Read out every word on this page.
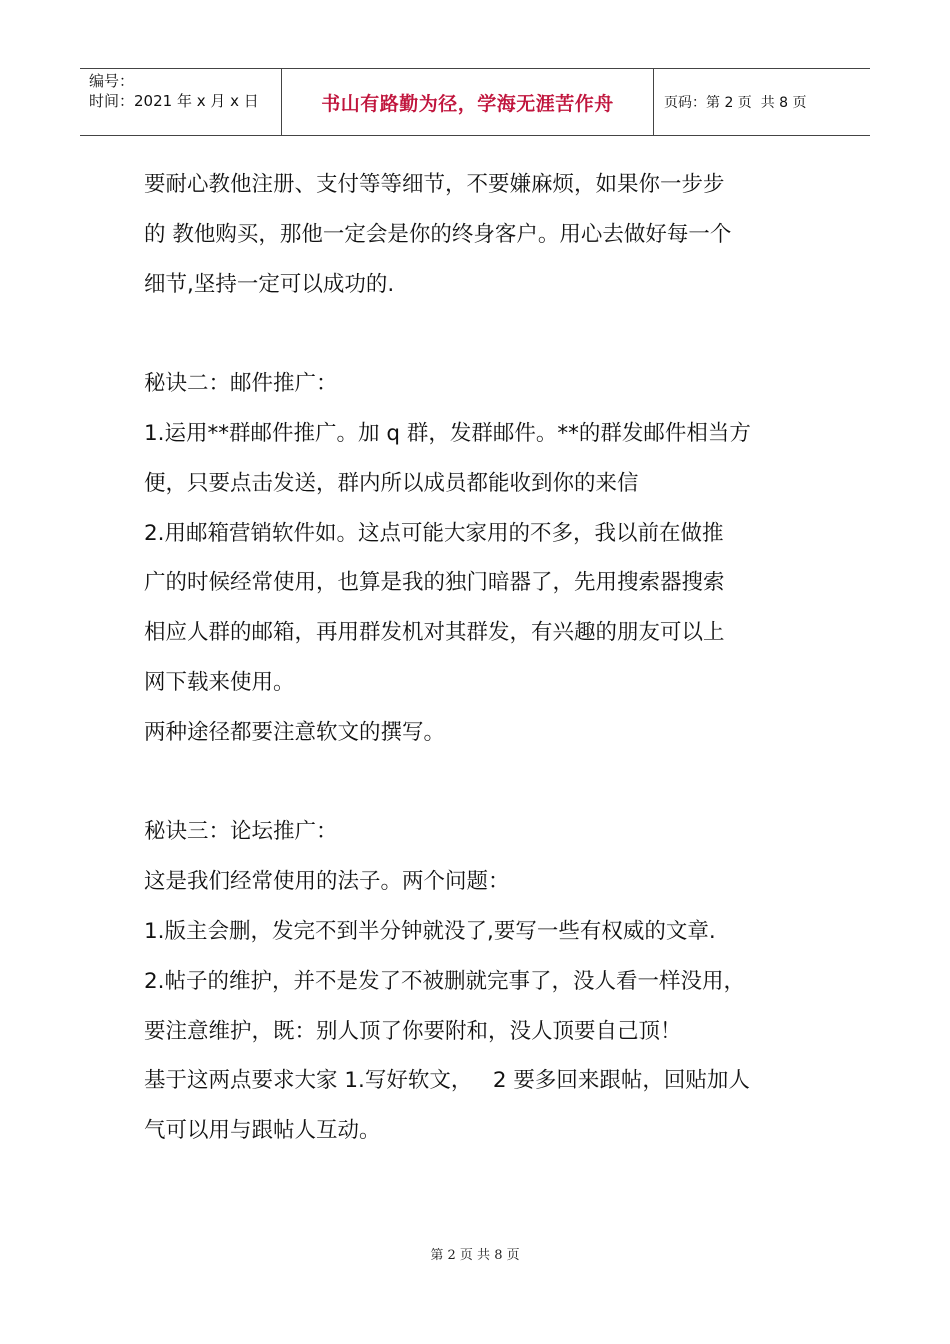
编号：
时间：2021 年 x 月 x 日	书山有路勤为径，学海无涯苦作舟	页码：第 2 页  共 8 页

要耐心教他注册、支付等等细节，不要嫌麻烦，如果你一步步

的 教他购买，那他一定会是你的终身客户。用心去做好每一个

细节,坚持一定可以成功的.

秘诀二：邮件推广：

1.运用**群邮件推广。加 q 群，发群邮件。**的群发邮件相当方

便，只要点击发送，群内所以成员都能收到你的来信

2.用邮箱营销软件如。这点可能大家用的不多，我以前在做推

广的时候经常使用，也算是我的独门暗器了，先用搜索器搜索

相应人群的邮箱，再用群发机对其群发，有兴趣的朋友可以上

网下载来使用。

两种途径都要注意软文的撰写。

秘诀三：论坛推广：

这是我们经常使用的法子。两个问题：

1.版主会删，发完不到半分钟就没了,要写一些有权威的文章.

2.帖子的维护，并不是发了不被删就完事了，没人看一样没用，

要注意维护，既：别人顶了你要附和，没人顶要自己顶！

基于这两点要求大家 1.写好软文，   2 要多回来跟帖，回贴加人

气可以用与跟帖人互动。

第 2 页 共 8 页
